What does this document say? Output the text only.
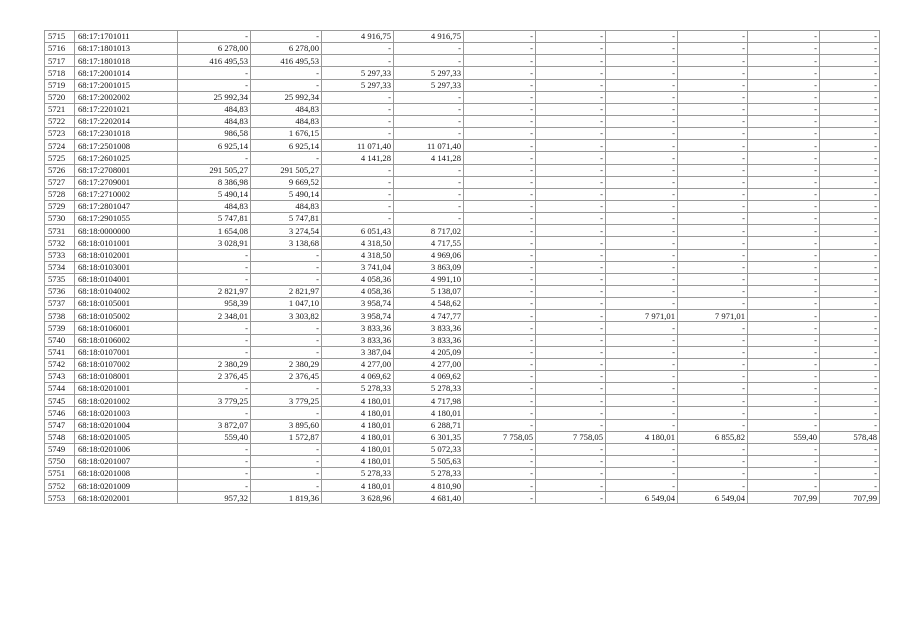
5715	68:17:1701011	-	-	4 916,75	4 916,75	-	-	-	-	-	-
5716	68:17:1801013	6 278,00	6 278,00	-	-	-	-	-	-	-	-
5717	68:17:1801018	416 495,53	416 495,53	-	-	-	-	-	-	-	-
5718	68:17:2001014	-	-	5 297,33	5 297,33	-	-	-	-	-	-
5719	68:17:2001015	-	-	5 297,33	5 297,33	-	-	-	-	-	-
5720	68:17:2002002	25 992,34	25 992,34	-	-	-	-	-	-	-	-
5721	68:17:2201021	484,83	484,83	-	-	-	-	-	-	-	-
5722	68:17:2202014	484,83	484,83	-	-	-	-	-	-	-	-
5723	68:17:2301018	986,58	1 676,15	-	-	-	-	-	-	-	-
5724	68:17:2501008	6 925,14	6 925,14	11 071,40	11 071,40	-	-	-	-	-	-
5725	68:17:2601025	-	-	4 141,28	4 141,28	-	-	-	-	-	-
5726	68:17:2708001	291 505,27	291 505,27	-	-	-	-	-	-	-	-
5727	68:17:2709001	8 386,98	9 669,52	-	-	-	-	-	-	-	-
5728	68:17:2710002	5 490,14	5 490,14	-	-	-	-	-	-	-	-
5729	68:17:2801047	484,83	484,83	-	-	-	-	-	-	-	-
5730	68:17:2901055	5 747,81	5 747,81	-	-	-	-	-	-	-	-
5731	68:18:0000000	1 654,08	3 274,54	6 051,43	8 717,02	-	-	-	-	-	-
5732	68:18:0101001	3 028,91	3 138,68	4 318,50	4 717,55	-	-	-	-	-	-
5733	68:18:0102001	-	-	4 318,50	4 969,06	-	-	-	-	-	-
5734	68:18:0103001	-	-	3 741,04	3 863,09	-	-	-	-	-	-
5735	68:18:0104001	-	-	4 058,36	4 991,10	-	-	-	-	-	-
5736	68:18:0104002	2 821,97	2 821,97	4 058,36	5 138,07	-	-	-	-	-	-
5737	68:18:0105001	958,39	1 047,10	3 958,74	4 548,62	-	-	-	-	-	-
5738	68:18:0105002	2 348,01	3 303,82	3 958,74	4 747,77	-	-	7 971,01	7 971,01	-	-
5739	68:18:0106001	-	-	3 833,36	3 833,36	-	-	-	-	-	-
5740	68:18:0106002	-	-	3 833,36	3 833,36	-	-	-	-	-	-
5741	68:18:0107001	-	-	3 387,04	4 205,09	-	-	-	-	-	-
5742	68:18:0107002	2 380,29	2 380,29	4 277,00	4 277,00	-	-	-	-	-	-
5743	68:18:0108001	2 376,45	2 376,45	4 069,62	4 069,62	-	-	-	-	-	-
5744	68:18:0201001	-	-	5 278,33	5 278,33	-	-	-	-	-	-
5745	68:18:0201002	3 779,25	3 779,25	4 180,01	4 717,98	-	-	-	-	-	-
5746	68:18:0201003	-	-	4 180,01	4 180,01	-	-	-	-	-	-
5747	68:18:0201004	3 872,07	3 895,60	4 180,01	6 288,71	-	-	-	-	-	-
5748	68:18:0201005	559,40	1 572,87	4 180,01	6 301,35	7 758,05	7 758,05	4 180,01	6 855,82	559,40	578,48
5749	68:18:0201006	-	-	4 180,01	5 072,33	-	-	-	-	-	-
5750	68:18:0201007	-	-	4 180,01	5 505,63	-	-	-	-	-	-
5751	68:18:0201008	-	-	5 278,33	5 278,33	-	-	-	-	-	-
5752	68:18:0201009	-	-	4 180,01	4 810,90	-	-	-	-	-	-
5753	68:18:0202001	957,32	1 819,36	3 628,96	4 681,40	-	-	6 549,04	6 549,04	707,99	707,99
